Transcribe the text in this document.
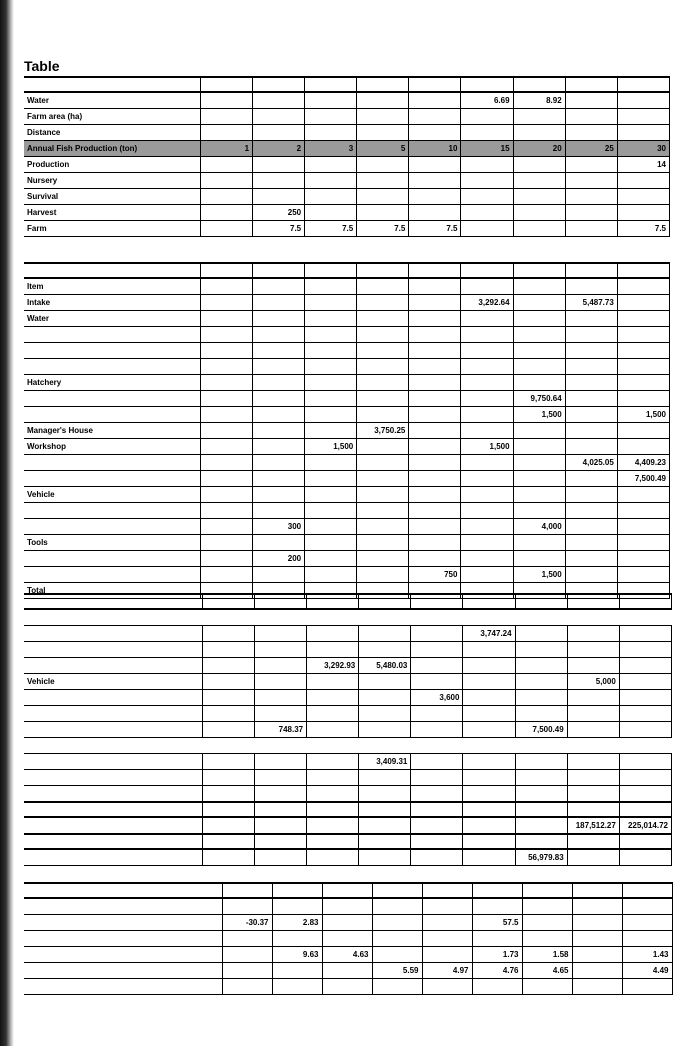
Table

Water						6.69	8.92		
Farm area (ha)									
Distance									
Annual Fish Production (ton)	1	2	3	5	10	15	20	25	30
Production									14
Nursery									
Survival									
Harvest		250							
Farm		7.5	7.5	7.5	7.5				7.5

Item									
Intake						3,292.64		5,487.73	
Water									

Hatchery									
							9,750.64		
							1,500		1,500
Manager's House				3,750.25					
Workshop			1,500			1,500			
								4,025.05	4,409.23
									7,500.49
Vehicle									

		300					4,000		
Tools									
		200							
					750		1,500		
Total									

						3,747.24			

			3,292.93	5,480.03					
Vehicle								5,000	
					3,600				

		748.37					7,500.49		

				3,409.31					

								187,512.27	225,014.72

							56,979.83		

	-30.37	2.83				57.5			

		9.63	4.63			1.73	1.58		1.43
				5.59	4.97	4.76	4.65		4.49
